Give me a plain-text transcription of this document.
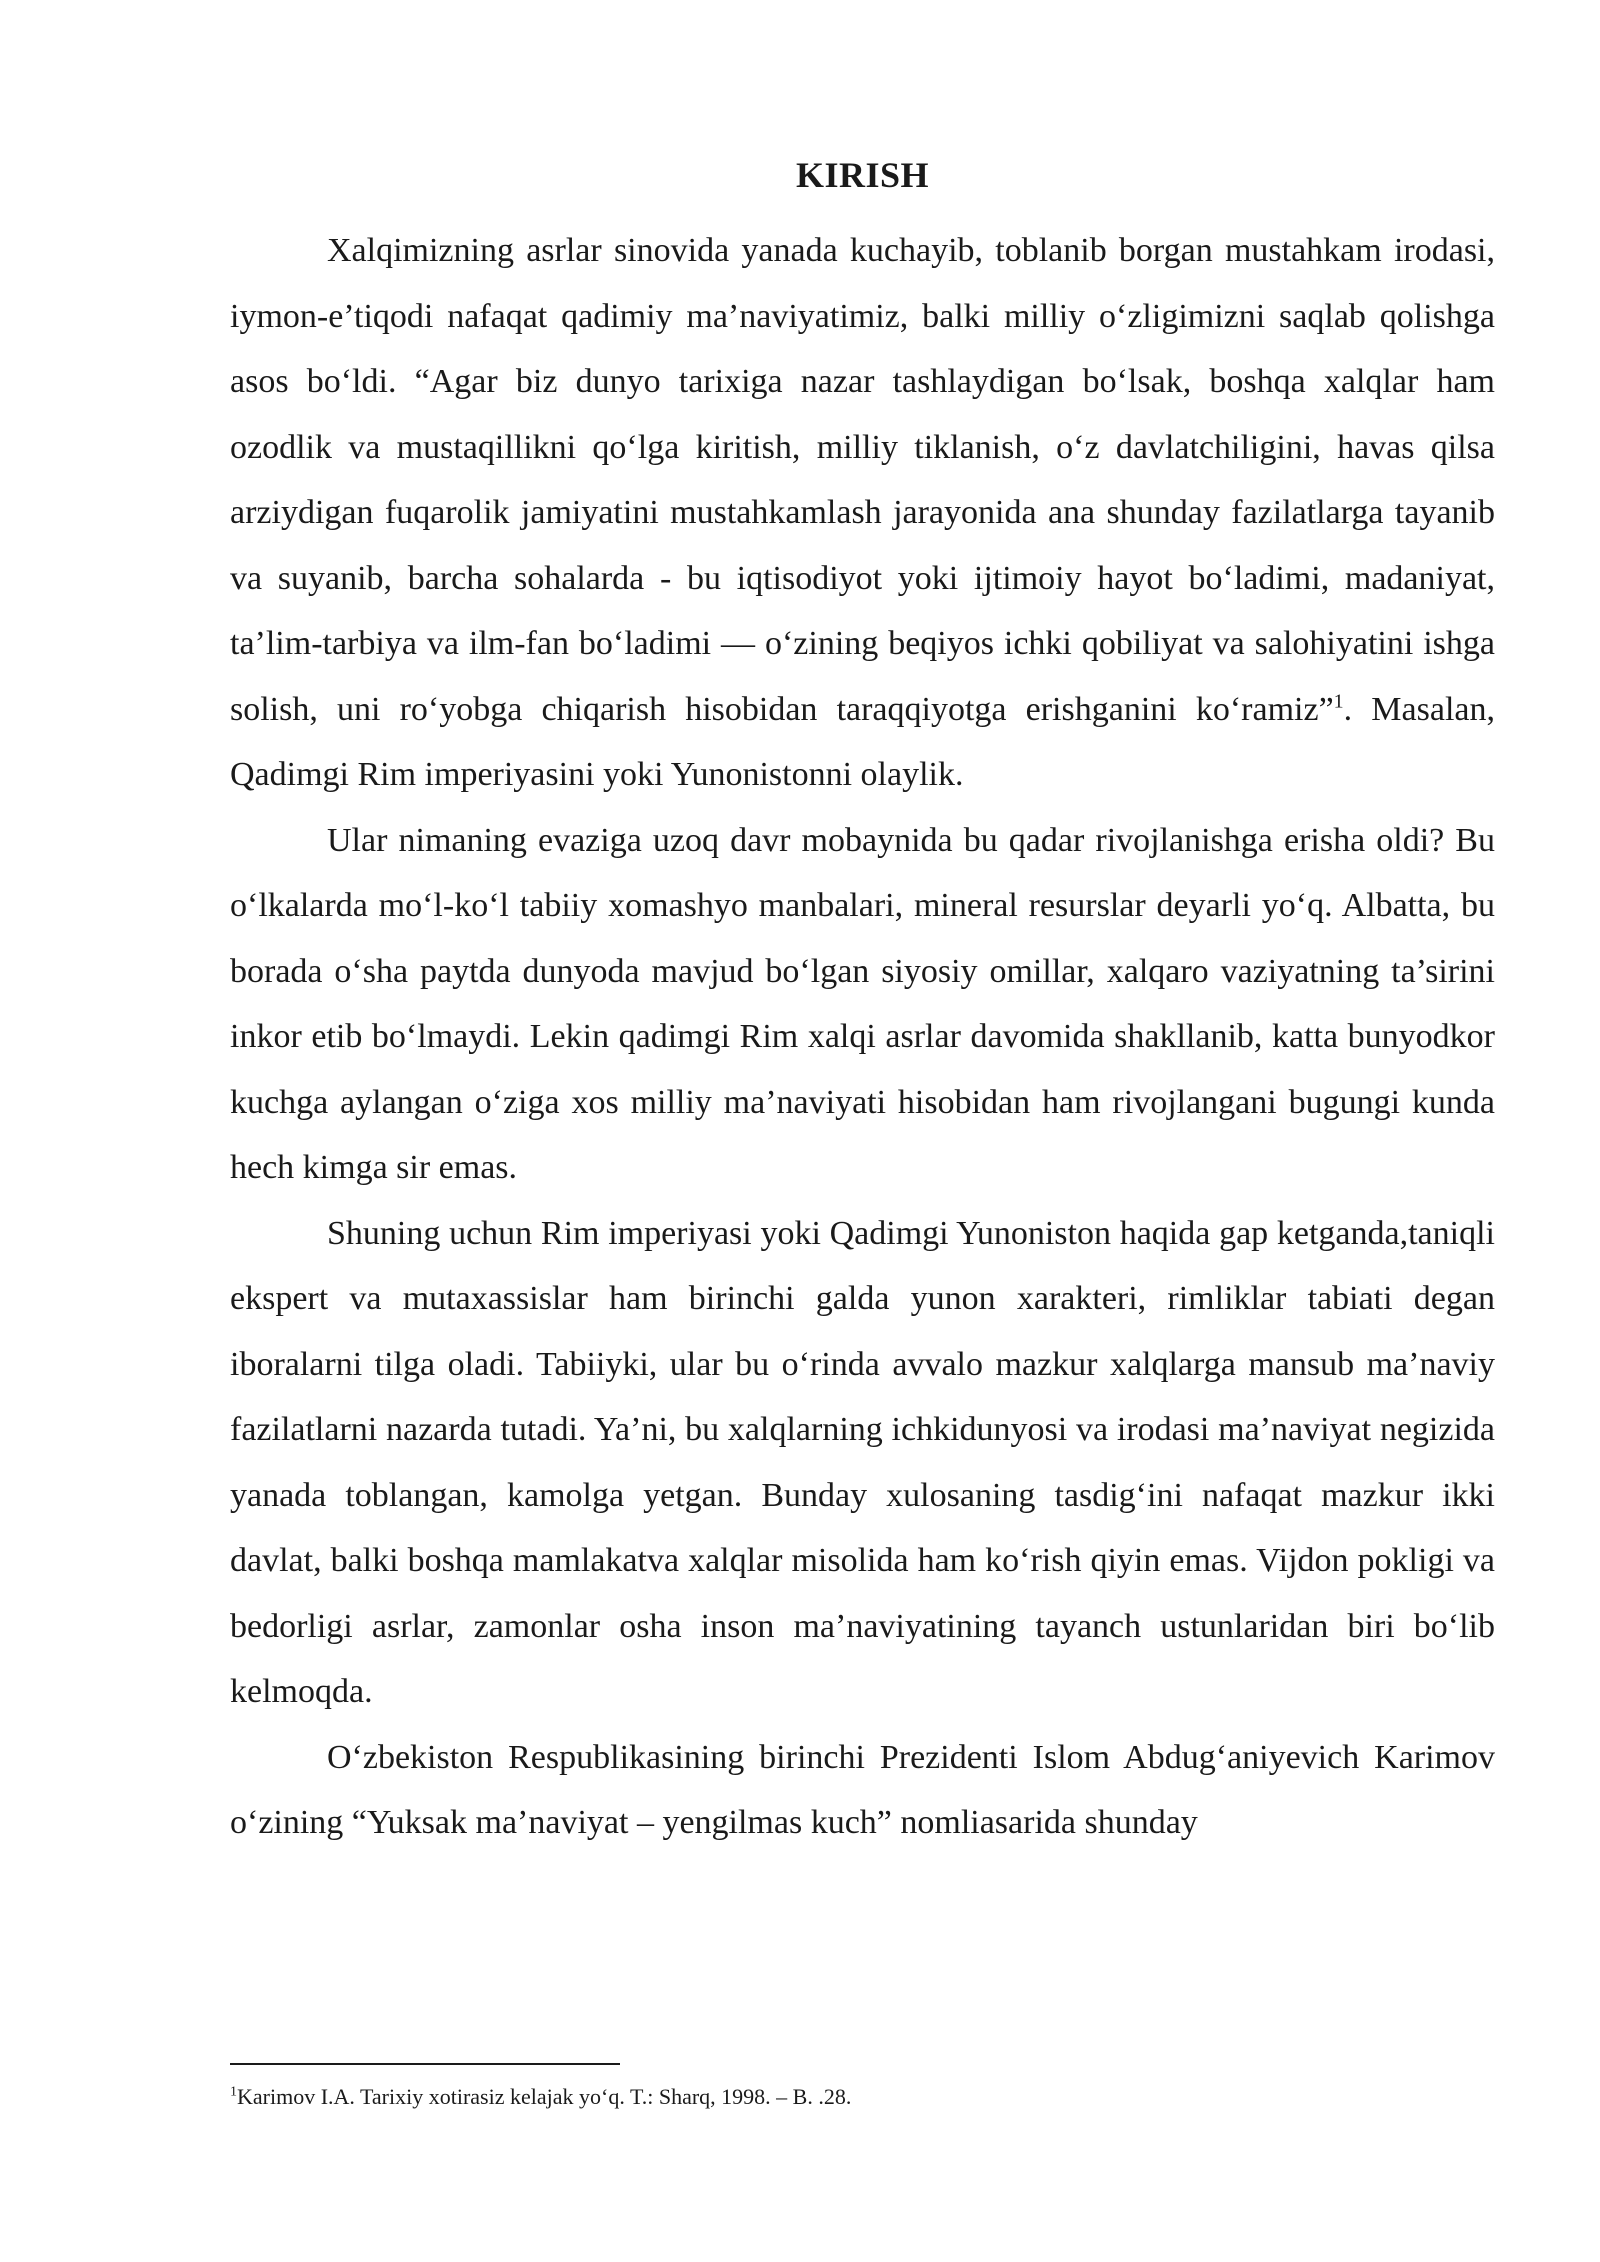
KIRISH

Xalqimizning asrlar sinovida yanada kuchayib, toblanib borgan mustahkam irodasi, iymon-e’tiqodi nafaqat qadimiy ma’naviyatimiz, balki milliy o‘zligimizni saqlab qolishga asos bo‘ldi. “Agar biz dunyo tarixiga nazar tashlaydigan bo‘lsak, boshqa xalqlar ham ozodlik va mustaqillikni qo‘lga kiritish, milliy tiklanish, o‘z davlatchiligini, havas qilsa arziydigan fuqarolik jamiyatini mustahkamlash jarayonida ana shunday fazilatlarga tayanib va suyanib, barcha sohalarda - bu iqtisodiyot yoki ijtimoiy hayot bo‘ladimi, madaniyat, ta’lim-tarbiya va ilm-fan bo‘ladimi — o‘zining beqiyos ichki qobiliyat va salohiyatini ishga solish, uni ro‘yobga chiqarish hisobidan taraqqiyotga erishganini ko‘ramiz”$^1$. Masalan, Qadimgi Rim imperiyasini yoki Yunonistonni olaylik.

Ular nimaning evaziga uzoq davr mobaynida bu qadar rivojlanishga erisha oldi? Bu o‘lkalarda mo‘l-ko‘l tabiiy xomashyo manbalari, mineral resurslar deyarli yo‘q. Albatta, bu borada o‘sha paytda dunyoda mavjud bo‘lgan siyosiy omillar, xalqaro vaziyatning ta’sirini inkor etib bo‘lmaydi. Lekin qadimgi Rim xalqi asrlar davomida shakllanib, katta bunyodkor kuchga aylangan o‘ziga xos milliy ma’naviyati hisobidan ham rivojlangani bugungi kunda hech kimga sir emas.

Shuning uchun Rim imperiyasi yoki Qadimgi Yunoniston haqida gap ketganda,taniqli ekspert va mutaxassislar ham birinchi galda yunon xarakteri, rimliklar tabiati degan iboralarni tilga oladi. Tabiiyki, ular bu o‘rinda avvalo mazkur xalqlarga mansub ma’naviy fazilatlarni nazarda tutadi. Ya’ni, bu xalqlarning ichkidunyosi va irodasi ma’naviyat negizida yanada toblangan, kamolga yetgan. Bunday xulosaning tasdig‘ini nafaqat mazkur ikki davlat, balki boshqa mamlakatva xalqlar misolida ham ko‘rish qiyin emas. Vijdon pokligi va bedorligi asrlar, zamonlar osha inson ma’naviyatining tayanch ustunlaridan biri bo‘lib kelmoqda.

O‘zbekiston Respublikasining birinchi Prezidenti Islom Abdug‘aniyevich Karimov o‘zining “Yuksak ma’naviyat – yengilmas kuch” nomliasarida shunday

$^1$Karimov I.A. Tarixiy xotirasiz kelajak yo‘q. T.: Sharq, 1998. – B. .28.
